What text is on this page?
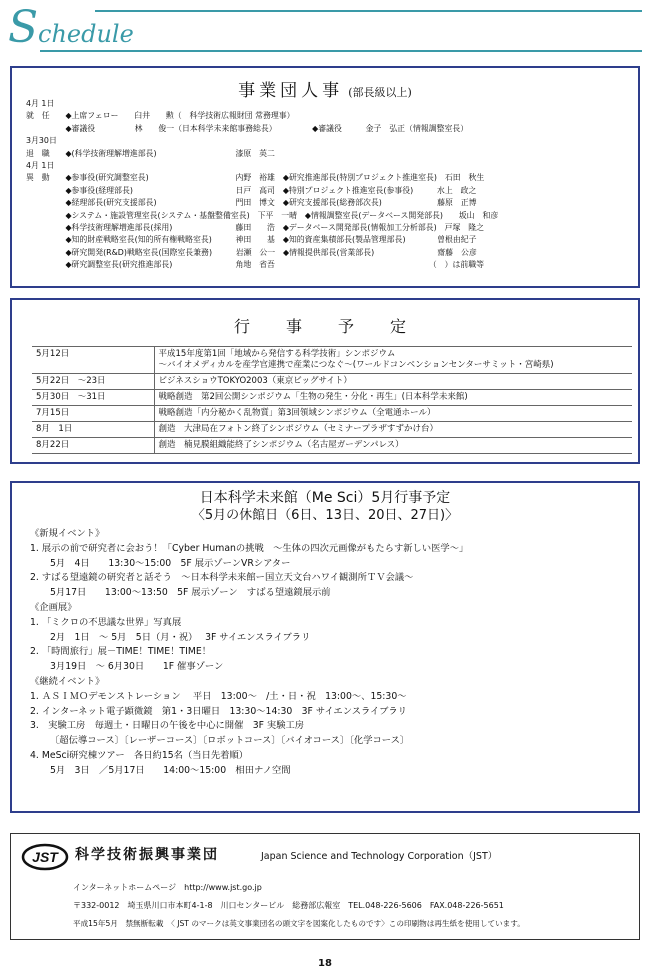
S chedule
事業団人事 (部長級以上)
4月 1日
就　任　　◆上席フェロー　　臼井　　勲（　科学技術広報財団 常務理事）
　　　　　◆審議役　　　　　林　　俊一（日本科学未来館事務総長）　　　　　◆審議役　　　金子　弘正（情報調整室長）
3月30日
退　職　　◆(科学技術理解増進部長)　　　　　　　　　　漆原　英二
4月 1日
異　動　　◆参事役(研究調整室長)　　　　　　　　　　　内野　裕雄　◆研究推進部長(特別プロジェクト推進室長)　石田　秋生
　　　　　◆参事役(経理部長)　　　　　　　　　　　　　日戸　高司　◆特別プロジェクト推進室長(参事役)　　　水上　政之
　　　　　◆経理部長(研究支援部長)　　　　　　　　　　門田　博文　◆研究支援部長(総務部次長)　　　　　　　藤原　正博
　　　　　◆システム・施設管理室長(システム・基盤整備室長)　下平　一晴　◆情報調整室長(データベース開発部長)　　坂山　和彦
　　　　　◆科学技術理解増進部長(採用)　　　　　　　　藤田　　浩　◆データベース開発部長(情報加工分析部長)　戸塚　隆之
　　　　　◆知的財産戦略室長(知的所有権戦略室長)　　　神田　　基　◆知的資産集積部長(製品管理部長)　　　　曽根由紀子
　　　　　◆研究開発(R&D)戦略室長(国際室長兼務)　　　岩瀬　公一　◆情報提供部長(営業部長)　　　　　　　　齋藤　公彦
　　　　　◆研究調整室長(研究推進部長)　　　　　　　　角地　省吾　　　　　　　　　　　　　　　　　　　　（　）は前職等
行　事　予　定
5月12日	平成15年度第1回「地域から発信する科学技術」シンポジウム
～バイオメディカルを産学官連携で産業につなぐ～(ワールドコンベンションセンターサミット・宮崎県)
5月22日　～23日	ビジネスショウTOKYO2003（東京ビッグサイト）
5月30日　～31日	戦略創造　第2回公開シンポジウム「生物の発生・分化・再生」(日本科学未来館)
7月15日	戦略創造「内分秘かく乱物質」第3回領域シンポジウム（全電通ホール）
8月　1日	創造　大津局在フォトン終了シンポジウム（セミナープラザすずかけ台）
8月22日	創造　楠見膜組織能終了シンポジウム（名古屋ガーデンパレス）
日本科学未来館（Me Sci）5月行事予定
〈5月の休館日（6日、13日、20日、27日)〉
《新規イベント》
1. 展示の前で研究者に会おう！「Cyber Humanの挑戦　～生体の四次元画像がもたらす新しい医学～」
5月　4日　　13:30～15:00　5F 展示ゾーンVRシアター
2. すばる望遠鏡の研究者と話そう　～日本科学未来館ー国立天文台ハワイ観測所ＴＶ会議～
5月17日　　13:00～13:50　5F 展示ゾーン　すばる望遠鏡展示前
《企画展》
1. 「ミクロの不思議な世界」写真展
2月　1日　～ 5月　5日（月・祝）　 3F サイエンスライブラリ
2. 「時間旅行」展－TIME！TIME！TIME！
3月19日　～ 6月30日　　1F 催事ゾーン
《継続イベント》
1. ＡＳＩＭＯデモンストレーション　 平日　13:00～　/土・日・祝　13:00～、15:30～
2. インターネット電子顕微鏡　第1・3日曜日　13:30～14:30　3F サイエンスライブラリ
3.　実験工房　毎週土・日曜日の午後を中心に開催　3F 実験工房
〔超伝導コース〕〔レーザーコース〕〔ロボットコース〕〔バイオコース〕〔化学コース〕
4. MeSci研究棟ツアー　各日約15名（当日先着順）
5月　3日　／5月17日　　14:00～15:00　相田ナノ空間
JST 科学技術振興事業団	Japan Science and Technology Corporation（JST）
インターネットホームページ　http://www.jst.go.jp
〒332-0012　埼玉県川口市本町4-1-8　川口センタービル　総務部広報室　TEL.048-226-5606　FAX.048-226-5651
平成15年5月　禁無断転載　〈 JST のマークは英文事業団名の頭文字を図案化したものです〉この印刷物は再生紙を使用しています。
18
